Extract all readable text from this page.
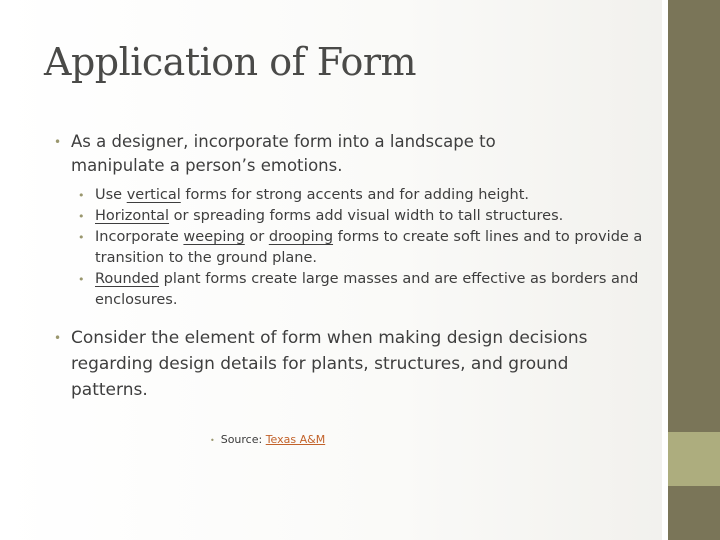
Application of Form
• As a designer, incorporate form into a landscape to manipulate a person’s emotions.
• Use vertical forms for strong accents and for adding height.
• Horizontal or spreading forms add visual width to tall structures.
• Incorporate weeping or drooping forms to create soft lines and to provide a transition to the ground plane.
• Rounded plant forms create large masses and are effective as borders and enclosures.
• Consider the element of form when making design decisions regarding design details for plants, structures, and ground patterns.
• Source: Texas A&M
